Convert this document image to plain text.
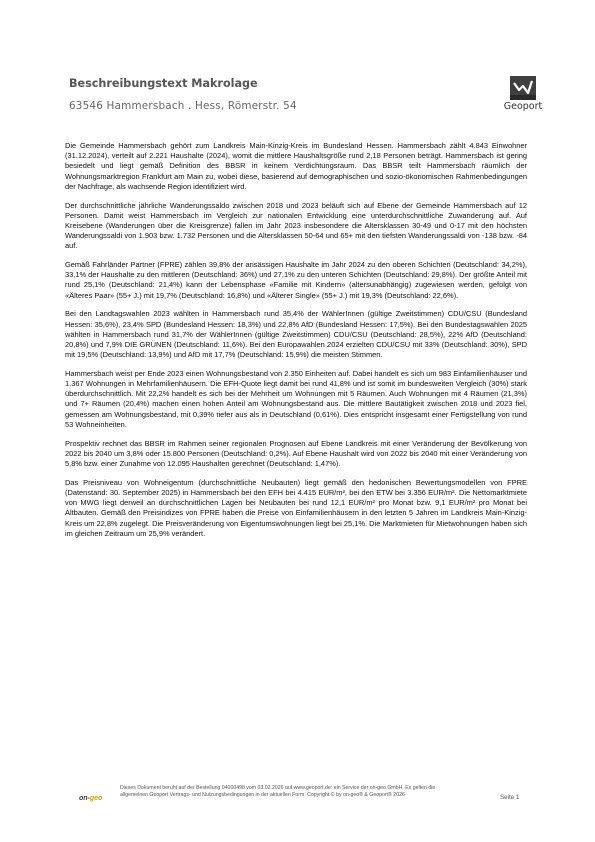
Beschreibungstext Makrolage
63546 Hammersbach . Hess, Römerstr. 54	Geoport

Die Gemeinde Hammersbach gehört zum Landkreis Main-Kinzig-Kreis im Bundesland Hessen. Hammersbach zählt 4.843 Einwohner (31.12.2024), verteilt auf 2.221 Haushalte (2024), womit die mittlere Haushaltsgröße rund 2,18 Personen beträgt. Hammersbach ist gering besiedelt und liegt gemäß Definition des BBSR in keinem Verdichtungsraum. Das BBSR teilt Hammersbach räumlich der Wohnungsmarktregion Frankfurt am Main zu, wobei diese, basierend auf demographischen und sozio-ökonomischen Rahmenbedingungen der Nachfrage, als wachsende Region identifiziert wird.

Der durchschnittliche jährliche Wanderungssaldo zwischen 2018 und 2023 beläuft sich auf Ebene der Gemeinde Hammersbach auf 12 Personen. Damit weist Hammersbach im Vergleich zur nationalen Entwicklung eine unterdurchschnittliche Zuwanderung auf. Auf Kreisebene (Wanderungen über die Kreisgrenze) fallen im Jahr 2023 insbesondere die Altersklassen 30-49 und 0-17 mit den höchsten Wanderungssaldi von 1.903 bzw. 1.732 Personen und die Altersklassen 50-64 und 65+ mit den tiefsten Wanderungssaldi von -138 bzw. -84 auf.

Gemäß Fahrländer Partner (FPRE) zählen 39,8% der ansässigen Haushalte im Jahr 2024 zu den oberen Schichten (Deutschland: 34,2%), 33,1% der Haushalte zu den mittleren (Deutschland: 36%) und 27,1% zu den unteren Schichten (Deutschland: 29,8%). Der größte Anteil mit rund 25,1% (Deutschland: 21,4%) kann der Lebensphase «Familie mit Kindern» (altersunabhängig) zugewiesen werden, gefolgt von «Älteres Paar» (55+ J.) mit 19,7% (Deutschland: 16,8%) und «Älterer Single» (55+ J.) mit 19,3% (Deutschland: 22,6%).

Bei den Landtagswahlen 2023 wählten in Hammersbach rund 35,4% der WählerInnen (gültige Zweitstimmen) CDU/CSU (Bundesland Hessen: 35,6%), 23,4% SPD (Bundesland Hessen: 18,3%) und 22,8% AfD (Bundesland Hessen: 17,5%). Bei den Bundestagswahlen 2025 wählten in Hammersbach rund 31,7% der WählerInnen (gültige Zweitstimmen) CDU/CSU (Deutschland: 28,5%), 22% AfD (Deutschland: 20,8%) und 7,9% DIE GRÜNEN (Deutschland: 11,6%). Bei den Europawahlen 2024 erzielten CDU/CSU mit 33% (Deutschland: 30%), SPD mit 19,5% (Deutschland: 13,9%) und AfD mit 17,7% (Deutschland: 15,9%) die meisten Stimmen.

Hammersbach weist per Ende 2023 einen Wohnungsbestand von 2.350 Einheiten auf. Dabei handelt es sich um 983 Einfamilienhäuser und 1.367 Wohnungen in Mehrfamilienhäusern. Die EFH-Quote liegt damit bei rund 41,8% und ist somit im bundesweiten Vergleich (30%) stark überdurchschnittlich. Mit 22,2% handelt es sich bei der Mehrheit um Wohnungen mit 5 Räumen. Auch Wohnungen mit 4 Räumen (21,3%) und 7+ Räumen (20,4%) machen einen hohen Anteil am Wohnungsbestand aus. Die mittlere Bautätigkeit zwischen 2018 und 2023 fiel, gemessen am Wohnungsbestand, mit 0,39% tiefer aus als in Deutschland (0,61%). Dies entspricht insgesamt einer Fertigstellung von rund 53 Wohneinheiten.

Prospektiv rechnet das BBSR im Rahmen seiner regionalen Prognosen auf Ebene Landkreis mit einer Veränderung der Bevölkerung von 2022 bis 2040 um 3,8% oder 15.800 Personen (Deutschland: 0,2%). Auf Ebene Haushalt wird von 2022 bis 2040 mit einer Veränderung von 5,8% bzw. einer Zunahme von 12.095 Haushalten gerechnet (Deutschland: 1,47%).

Das Preisniveau von Wohneigentum (durchschnittliche Neubauten) liegt gemäß den hedonischen Bewertungsmodellen von FPRE (Datenstand: 30. September 2025) in Hammersbach bei den EFH bei 4.415 EUR/m², bei den ETW bei 3.356 EUR/m². Die Nettomarktmiete von MWG liegt derweil an durchschnittlichen Lagen bei Neubauten bei rund 12,1 EUR/m² pro Monat bzw. 9,1 EUR/m² pro Monat bei Altbauten. Gemäß den Preisindizes von FPRE haben die Preise von Einfamilienhäusern in den letzten 5 Jahren im Landkreis Main-Kinzig-Kreis um 22,8% zugelegt. Die Preisveränderung von Eigentumswohnungen liegt bei 25,1%. Die Marktmieten für Mietwohnungen haben sich im gleichen Zeitraum um 25,9% verändert.

on-geo
Dieses Dokument beruht auf der Bestellung 04000498 vom 03.02.2026 auf www.geoport.de: ein Service der on-geo GmbH. Es gelten die allgemeinen Geoport Vertrags- und Nutzungsbedingungen in der aktuellen Form. Copyright © by on-geo® & Geoport® 2026	Seite 1
